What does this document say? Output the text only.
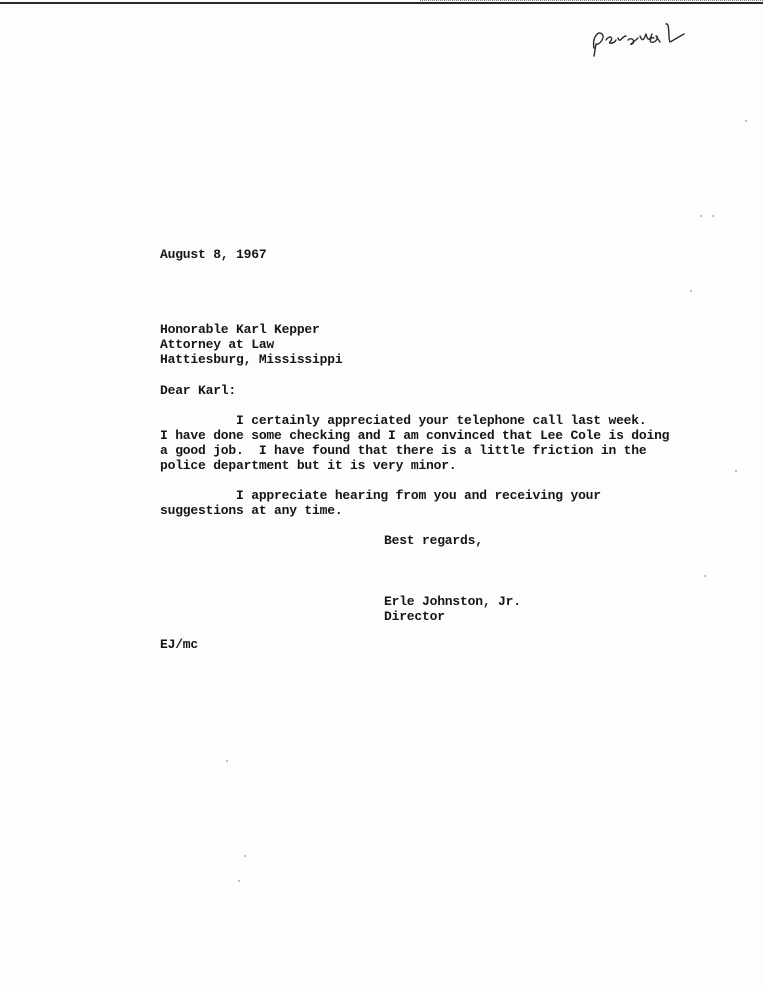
August 8, 1967
Honorable Karl Kepper
Attorney at Law
Hattiesburg, Mississippi
Dear Karl:
I certainly appreciated your telephone call last week.
I have done some checking and I am convinced that Lee Cole is doing
a good job.  I have found that there is a little friction in the
police department but it is very minor.
I appreciate hearing from you and receiving your
suggestions at any time.
Best regards,
Erle Johnston, Jr.
Director
EJ/mc
